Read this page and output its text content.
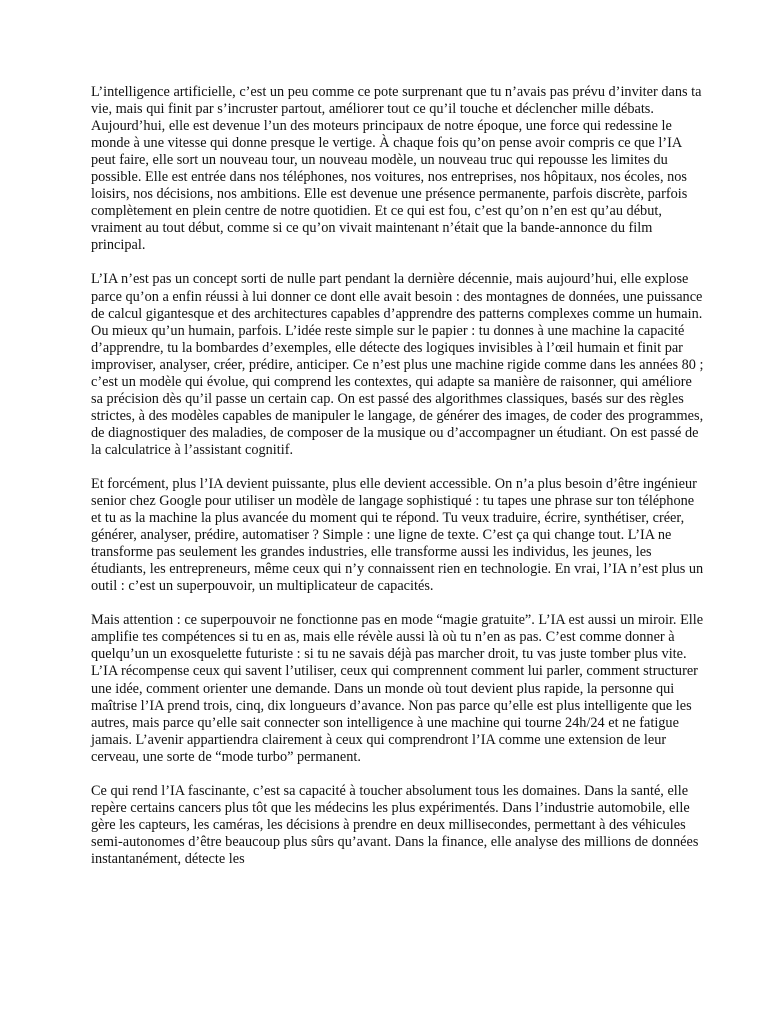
L’intelligence artificielle, c’est un peu comme ce pote surprenant que tu n’avais pas prévu d’inviter dans ta vie, mais qui finit par s’incruster partout, améliorer tout ce qu’il touche et déclencher mille débats. Aujourd’hui, elle est devenue l’un des moteurs principaux de notre époque, une force qui redessine le monde à une vitesse qui donne presque le vertige. À chaque fois qu’on pense avoir compris ce que l’IA peut faire, elle sort un nouveau tour, un nouveau modèle, un nouveau truc qui repousse les limites du possible. Elle est entrée dans nos téléphones, nos voitures, nos entreprises, nos hôpitaux, nos écoles, nos loisirs, nos décisions, nos ambitions. Elle est devenue une présence permanente, parfois discrète, parfois complètement en plein centre de notre quotidien. Et ce qui est fou, c’est qu’on n’en est qu’au début, vraiment au tout début, comme si ce qu’on vivait maintenant n’était que la bande-annonce du film principal.

L’IA n’est pas un concept sorti de nulle part pendant la dernière décennie, mais aujourd’hui, elle explose parce qu’on a enfin réussi à lui donner ce dont elle avait besoin : des montagnes de données, une puissance de calcul gigantesque et des architectures capables d’apprendre des patterns complexes comme un humain. Ou mieux qu’un humain, parfois. L’idée reste simple sur le papier : tu donnes à une machine la capacité d’apprendre, tu la bombardes d’exemples, elle détecte des logiques invisibles à l’œil humain et finit par improviser, analyser, créer, prédire, anticiper. Ce n’est plus une machine rigide comme dans les années 80 ; c’est un modèle qui évolue, qui comprend les contextes, qui adapte sa manière de raisonner, qui améliore sa précision dès qu’il passe un certain cap. On est passé des algorithmes classiques, basés sur des règles strictes, à des modèles capables de manipuler le langage, de générer des images, de coder des programmes, de diagnostiquer des maladies, de composer de la musique ou d’accompagner un étudiant. On est passé de la calculatrice à l’assistant cognitif.

Et forcément, plus l’IA devient puissante, plus elle devient accessible. On n’a plus besoin d’être ingénieur senior chez Google pour utiliser un modèle de langage sophistiqué : tu tapes une phrase sur ton téléphone et tu as la machine la plus avancée du moment qui te répond. Tu veux traduire, écrire, synthétiser, créer, générer, analyser, prédire, automatiser ? Simple : une ligne de texte. C’est ça qui change tout. L’IA ne transforme pas seulement les grandes industries, elle transforme aussi les individus, les jeunes, les étudiants, les entrepreneurs, même ceux qui n’y connaissent rien en technologie. En vrai, l’IA n’est plus un outil : c’est un superpouvoir, un multiplicateur de capacités.

Mais attention : ce superpouvoir ne fonctionne pas en mode “magie gratuite”. L’IA est aussi un miroir. Elle amplifie tes compétences si tu en as, mais elle révèle aussi là où tu n’en as pas. C’est comme donner à quelqu’un un exosquelette futuriste : si tu ne savais déjà pas marcher droit, tu vas juste tomber plus vite. L’IA récompense ceux qui savent l’utiliser, ceux qui comprennent comment lui parler, comment structurer une idée, comment orienter une demande. Dans un monde où tout devient plus rapide, la personne qui maîtrise l’IA prend trois, cinq, dix longueurs d’avance. Non pas parce qu’elle est plus intelligente que les autres, mais parce qu’elle sait connecter son intelligence à une machine qui tourne 24h/24 et ne fatigue jamais. L’avenir appartiendra clairement à ceux qui comprendront l’IA comme une extension de leur cerveau, une sorte de “mode turbo” permanent.

Ce qui rend l’IA fascinante, c’est sa capacité à toucher absolument tous les domaines. Dans la santé, elle repère certains cancers plus tôt que les médecins les plus expérimentés. Dans l’industrie automobile, elle gère les capteurs, les caméras, les décisions à prendre en deux millisecondes, permettant à des véhicules semi-autonomes d’être beaucoup plus sûrs qu’avant. Dans la finance, elle analyse des millions de données instantanément, détecte les
